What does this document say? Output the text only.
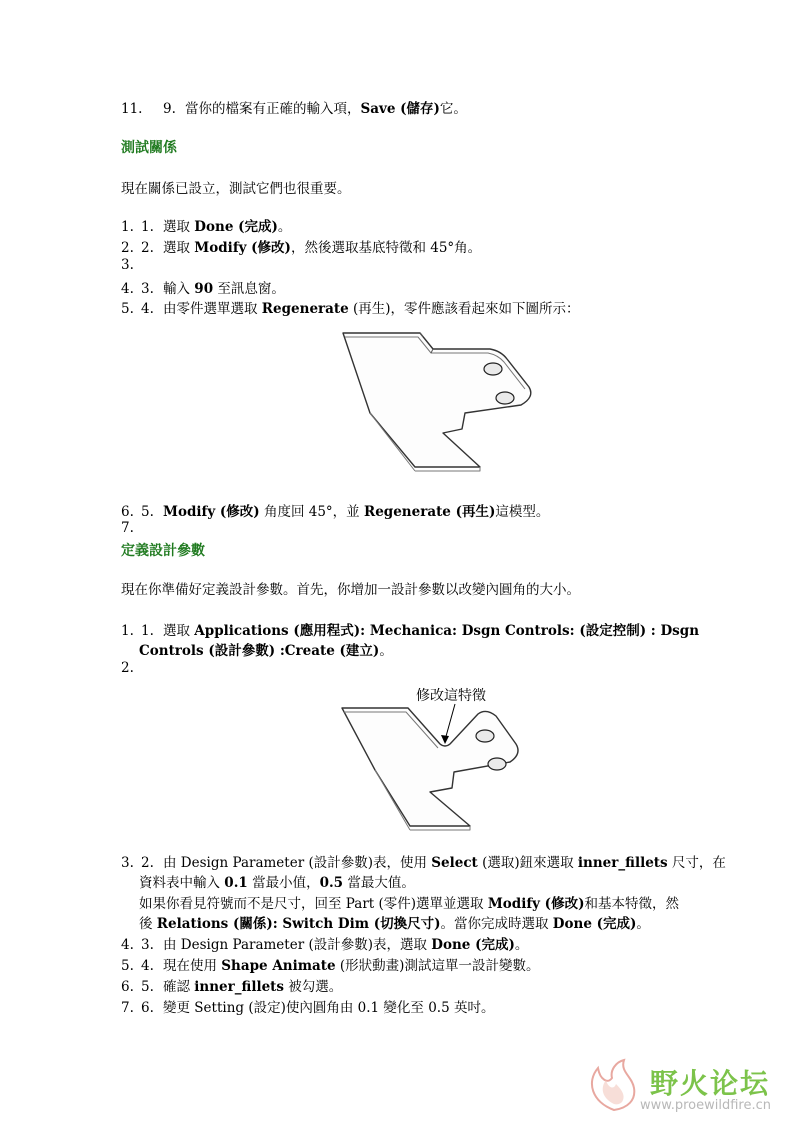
11. 9. 當你的檔案有正確的輸入項，Save (儲存)它。
測試關係
現在關係已設立，測試它們也很重要。
1. 1. 選取 Done (完成)。
2. 2. 選取 Modify (修改)，然後選取基底特徵和 45°角。
3.
4. 3. 輸入 90 至訊息窗。
5. 4. 由零件選單選取 Regenerate (再生)，零件應該看起來如下圖所示：
6. 5. Modify (修改) 角度回 45°，並 Regenerate (再生)這模型。
7.
定義設計參數
現在你準備好定義設計參數。首先，你增加一設計參數以改變內圓角的大小。
1. 1. 選取 Applications (應用程式): Mechanica: Dsgn Controls: (設定控制) : Dsgn
Controls (設計參數) :Create (建立)。
2.
修改這特徵
3. 2. 由 Design Parameter (設計參數)表，使用 Select (選取)鈕來選取 inner_fillets 尺寸，在
資料表中輸入 0.1 當最小值，0.5 當最大值。
如果你看見符號而不是尺寸，回至 Part (零件)選單並選取 Modify (修改)和基本特徵，然
後 Relations (關係): Switch Dim (切換尺寸)。當你完成時選取 Done (完成)。
4. 3. 由 Design Parameter (設計參數)表，選取 Done (完成)。
5. 4. 現在使用 Shape Animate (形狀動畫)測試這單一設計變數。
6. 5. 確認 inner_fillets 被勾選。
7. 6. 變更 Setting (設定)使內圓角由 0.1 變化至 0.5 英吋。
野火论坛
www.proewildfire.cn
